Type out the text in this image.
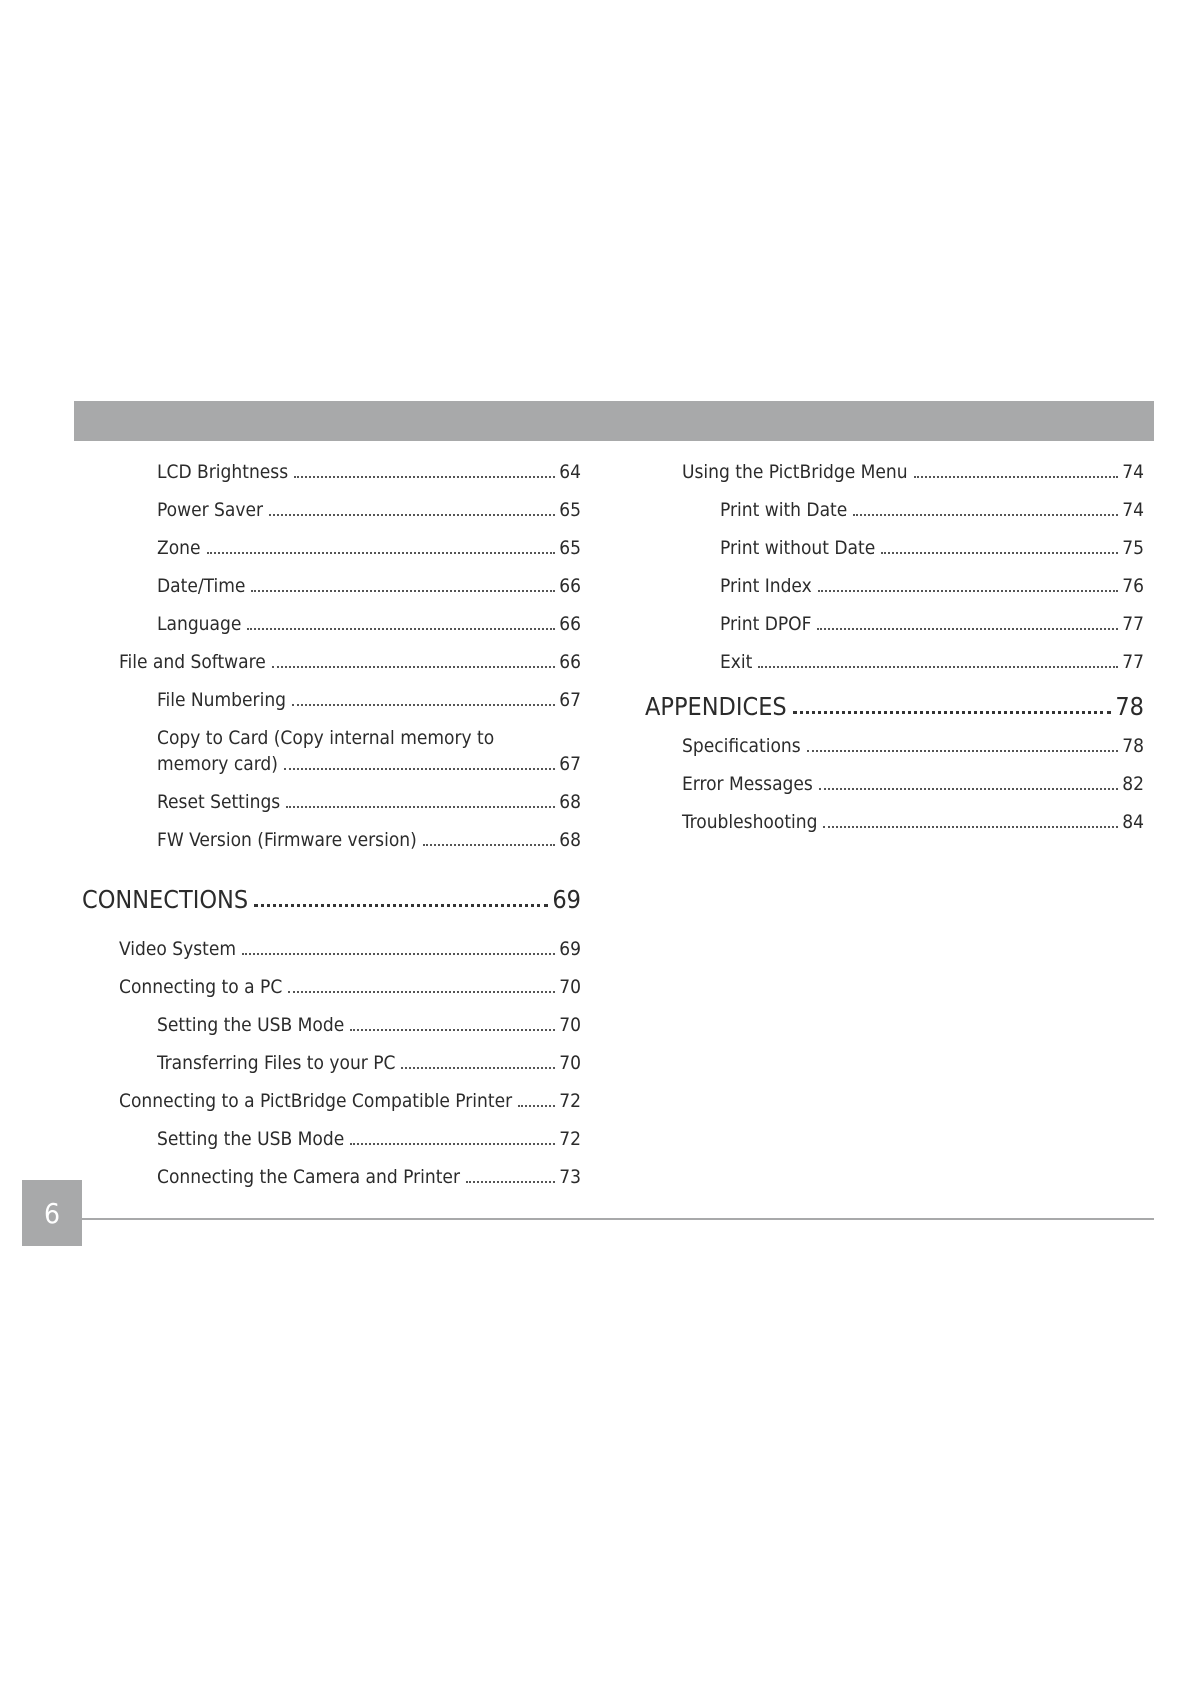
LCD Brightness	64
Power Saver	65
Zone	65
Date/Time	66
Language	66
File and Software	66
File Numbering	67
Copy to Card (Copy internal memory to
memory card)	67
Reset Settings	68
FW Version (Firmware version)	68
CONNECTIONS	69
Video System	69
Connecting to a PC	70
Setting the USB Mode	70
Transferring Files to your PC	70
Connecting to a PictBridge Compatible Printer 72
Setting the USB Mode	72
Connecting the Camera and Printer	73
Using the PictBridge Menu	74
Print with Date	74
Print without Date	75
Print Index	76
Print DPOF	77
Exit	77
APPENDICES	78
Specifications	78
Error Messages	82
Troubleshooting	84
6
